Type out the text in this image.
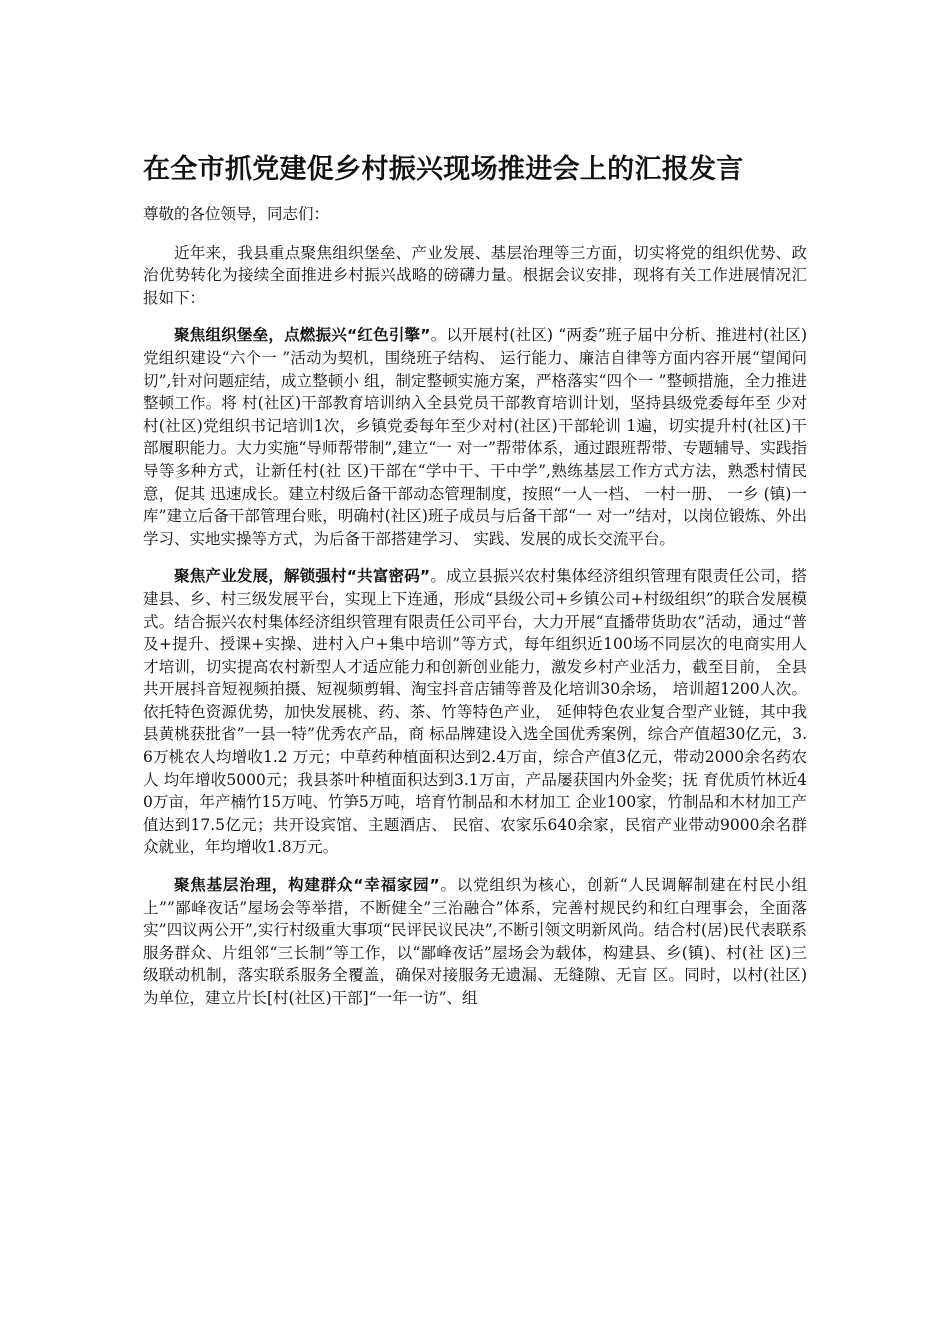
在全市抓党建促乡村振兴现场推进会上的汇报发言

尊敬的各位领导，同志们：

近年来，我县重点聚焦组织堡垒、产业发展、基层治理等三方面，切实将党的组织优势、政治优势转化为接续全面推进乡村振兴战略的磅礴力量。根据会议安排，现将有关工作进展情况汇报如下：

聚焦组织堡垒，点燃振兴“红色引擎”。以开展村(社区) “两委”班子届中分析、推进村(社区)党组织建设“六个一 ”活动为契机，围绕班子结构、 运行能力、廉洁自律等方面内容开展“望闻问切”,针对问题症结，成立整顿小 组，制定整顿实施方案，严格落实“四个一 ”整顿措施，全力推进整顿工作。将 村(社区)干部教育培训纳入全县党员干部教育培训计划，坚持县级党委每年至 少对村(社区)党组织书记培训1次，乡镇党委每年至少对村(社区)干部轮训 1遍，切实提升村(社区)干部履职能力。大力实施“导师帮带制”,建立“一 对一”帮带体系，通过跟班帮带、专题辅导、实践指导等多种方式，让新任村(社 区)干部在“学中干、干中学”,熟练基层工作方式方法，熟悉村情民意，促其 迅速成长。建立村级后备干部动态管理制度，按照“一人一档、 一村一册、 一乡 (镇)一库”建立后备干部管理台账，明确村(社区)班子成员与后备干部“一 对一”结对，以岗位锻炼、外出学习、实地实操等方式，为后备干部搭建学习、 实践、发展的成长交流平台。

聚焦产业发展，解锁强村“共富密码”。成立县振兴农村集体经济组织管理有限责任公司，搭建县、乡、村三级发展平台，实现上下连通，形成“县级公司+乡镇公司+村级组织”的联合发展模式。结合振兴农村集体经济组织管理有限责任公司平台，大力开展“直播带货助农”活动，通过“普及+提升、授课+实操、进村入户+集中培训”等方式，每年组织近100场不同层次的电商实用人才培训，切实提高农村新型人才适应能力和创新创业能力，激发乡村产业活力，截至目前， 全县共开展抖音短视频拍摄、短视频剪辑、淘宝抖音店铺等普及化培训30余场， 培训超1200人次。依托特色资源优势，加快发展桃、药、茶、竹等特色产业， 延伸特色农业复合型产业链，其中我县黄桃获批省”一县一特”优秀农产品，商 标品牌建设入选全国优秀案例，综合产值超30亿元，3.6万桃农人均增收1.2 万元；中草药种植面积达到2.4万亩，综合产值3亿元，带动2000余名药农人 均年增收5000元；我县茶叶种植面积达到3.1万亩，产品屡获国内外金奖；抚 育优质竹林近40万亩，年产楠竹15万吨、竹笋5万吨，培育竹制品和木材加工 企业100家，竹制品和木材加工产值达到17.5亿元；共开设宾馆、主题酒店、 民宿、农家乐640余家，民宿产业带动9000余名群众就业，年均增收1.8万元。

聚焦基层治理，构建群众“幸福家园”。以党组织为核心，创新“人民调解制建在村民小组上””鄙峰夜话”屋场会等举措，不断健全”三治融合”体系，完善村规民约和红白理事会，全面落实”四议两公开”,实行村级重大事项“民评民议民决”,不断引领文明新风尚。结合村(居)民代表联系服务群众、片组邻“三长制”等工作，以“鄙峰夜话”屋场会为载体，构建县、乡(镇)、村(社 区)三级联动机制，落实联系服务全覆盖，确保对接服务无遗漏、无缝隙、无盲 区。同时，以村(社区)为单位，建立片长[村(社区)干部]“一年一访”、组
